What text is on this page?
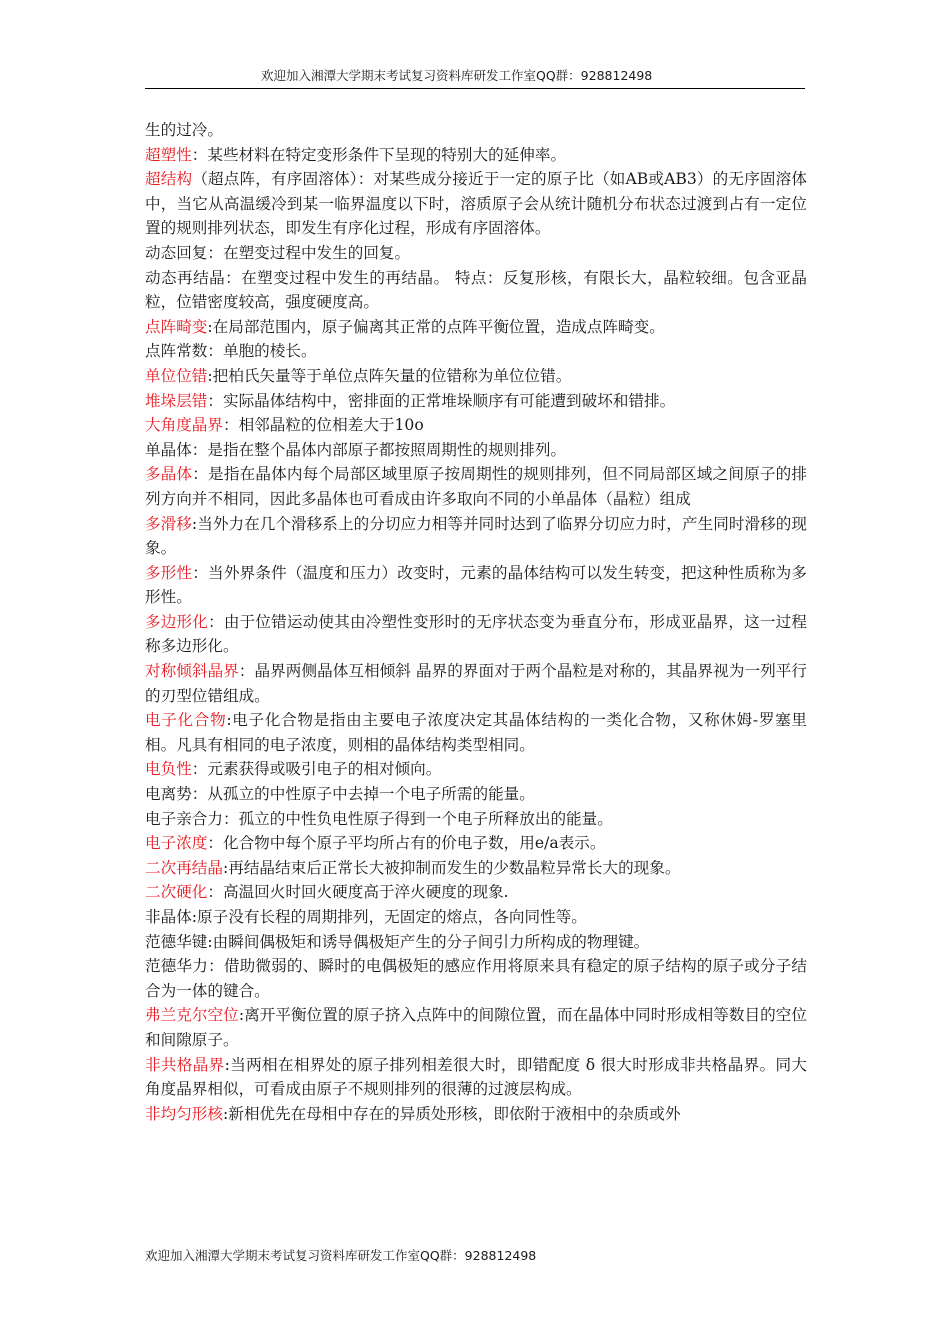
欢迎加入湘潭大学期末考试复习资料库研发工作室QQ群：928812498

生的过冷。

超塑性：某些材料在特定变形条件下呈现的特别大的延伸率。

超结构（超点阵，有序固溶体）：对某些成分接近于一定的原子比（如AB或AB3）的无序固溶体中，当它从高温缓冷到某一临界温度以下时，溶质原子会从统计随机分布状态过渡到占有一定位置的规则排列状态，即发生有序化过程，形成有序固溶体。

动态回复：在塑变过程中发生的回复。

动态再结晶：在塑变过程中发生的再结晶。 特点：反复形核，有限长大，晶粒较细。包含亚晶粒，位错密度较高，强度硬度高。

点阵畸变:在局部范围内，原子偏离其正常的点阵平衡位置，造成点阵畸变。

点阵常数：单胞的棱长。

单位位错:把柏氏矢量等于单位点阵矢量的位错称为单位位错。

堆垛层错：实际晶体结构中，密排面的正常堆垛顺序有可能遭到破坏和错排。

大角度晶界：相邻晶粒的位相差大于10o

单晶体：是指在整个晶体内部原子都按照周期性的规则排列。

多晶体：是指在晶体内每个局部区域里原子按周期性的规则排列，但不同局部区域之间原子的排列方向并不相同，因此多晶体也可看成由许多取向不同的小单晶体（晶粒）组成

多滑移:当外力在几个滑移系上的分切应力相等并同时达到了临界分切应力时，产生同时滑移的现象。

多形性：当外界条件（温度和压力）改变时，元素的晶体结构可以发生转变，把这种性质称为多形性。

多边形化：由于位错运动使其由冷塑性变形时的无序状态变为垂直分布，形成亚晶界，这一过程称多边形化。

对称倾斜晶界：晶界两侧晶体互相倾斜 晶界的界面对于两个晶粒是对称的，其晶界视为一列平行的刃型位错组成。

电子化合物:电子化合物是指由主要电子浓度决定其晶体结构的一类化合物，又称休姆-罗塞里相。凡具有相同的电子浓度，则相的晶体结构类型相同。

电负性：元素获得或吸引电子的相对倾向。

电离势：从孤立的中性原子中去掉一个电子所需的能量。

电子亲合力：孤立的中性负电性原子得到一个电子所释放出的能量。

电子浓度：化合物中每个原子平均所占有的价电子数，用e/a表示。

二次再结晶:再结晶结束后正常长大被抑制而发生的少数晶粒异常长大的现象。

二次硬化：高温回火时回火硬度高于淬火硬度的现象.

非晶体:原子没有长程的周期排列，无固定的熔点，各向同性等。

范德华键:由瞬间偶极矩和诱导偶极矩产生的分子间引力所构成的物理键。

范德华力：借助微弱的、瞬时的电偶极矩的感应作用将原来具有稳定的原子结构的原子或分子结合为一体的键合。

弗兰克尔空位:离开平衡位置的原子挤入点阵中的间隙位置，而在晶体中同时形成相等数目的空位和间隙原子。

非共格晶界:当两相在相界处的原子排列相差很大时，即错配度 δ 很大时形成非共格晶界。同大角度晶界相似，可看成由原子不规则排列的很薄的过渡层构成。

非均匀形核:新相优先在母相中存在的异质处形核，即依附于液相中的杂质或外

欢迎加入湘潭大学期末考试复习资料库研发工作室QQ群：928812498
